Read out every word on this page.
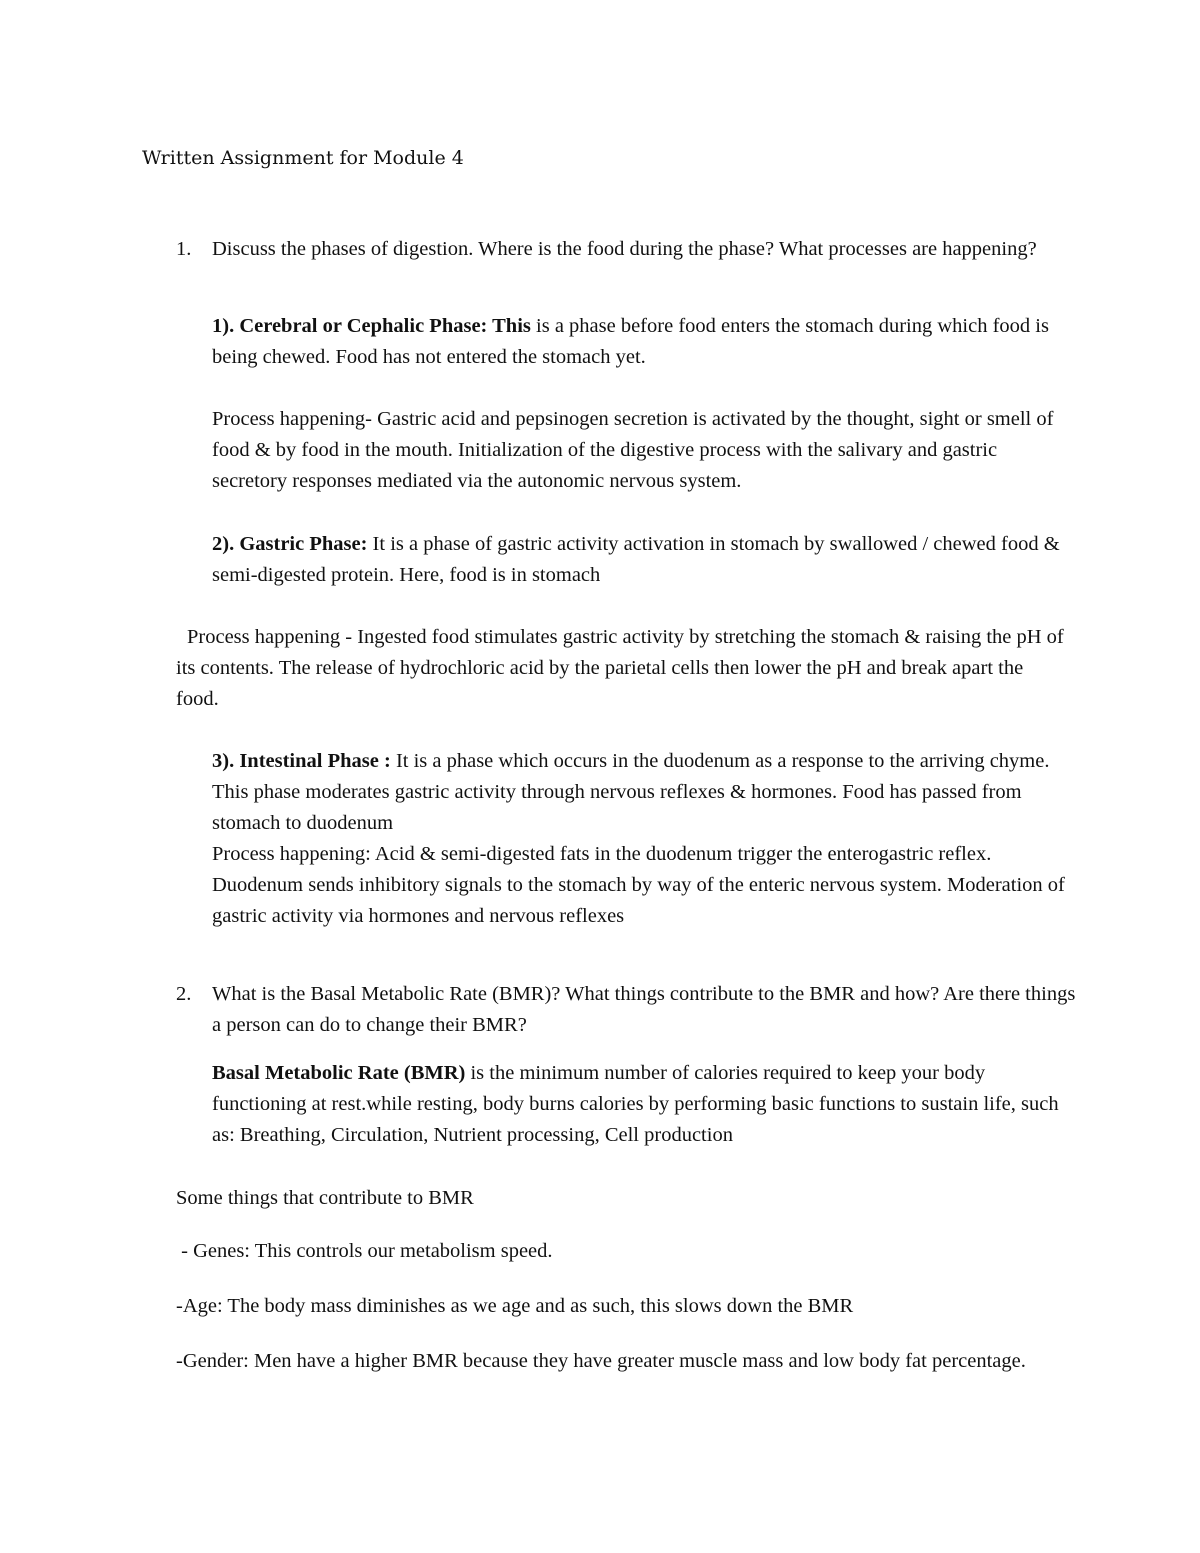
Written Assignment for Module 4
1. Discuss the phases of digestion. Where is the food during the phase? What processes are happening?

1). Cerebral or Cephalic Phase: This is a phase before food enters the stomach during which food is being chewed. Food has not entered the stomach yet.

Process happening- Gastric acid and pepsinogen secretion is activated by the thought, sight or smell of food & by food in the mouth. Initialization of the digestive process with the salivary and gastric secretory responses mediated via the autonomic nervous system.

2). Gastric Phase: It is a phase of gastric activity activation in stomach by swallowed / chewed food & semi-digested protein. Here, food is in stomach

Process happening - Ingested food stimulates gastric activity by stretching the stomach & raising the pH of its contents. The release of hydrochloric acid by the parietal cells then lower the pH and break apart the food.

3). Intestinal Phase : It is a phase which occurs in the duodenum as a response to the arriving chyme. This phase moderates gastric activity through nervous reflexes & hormones. Food has passed from stomach to duodenum
Process happening: Acid & semi-digested fats in the duodenum trigger the enterogastric reflex. Duodenum sends inhibitory signals to the stomach by way of the enteric nervous system. Moderation of gastric activity via hormones and nervous reflexes
2. What is the Basal Metabolic Rate (BMR)? What things contribute to the BMR and how? Are there things a person can do to change their BMR?

Basal Metabolic Rate (BMR) is the minimum number of calories required to keep your body functioning at rest.while resting, body burns calories by performing basic functions to sustain life, such as: Breathing, Circulation, Nutrient processing, Cell production

Some things that contribute to BMR

- Genes: This controls our metabolism speed.

-Age: The body mass diminishes as we age and as such, this slows down the BMR

-Gender: Men have a higher BMR because they have greater muscle mass and low body fat percentage.
